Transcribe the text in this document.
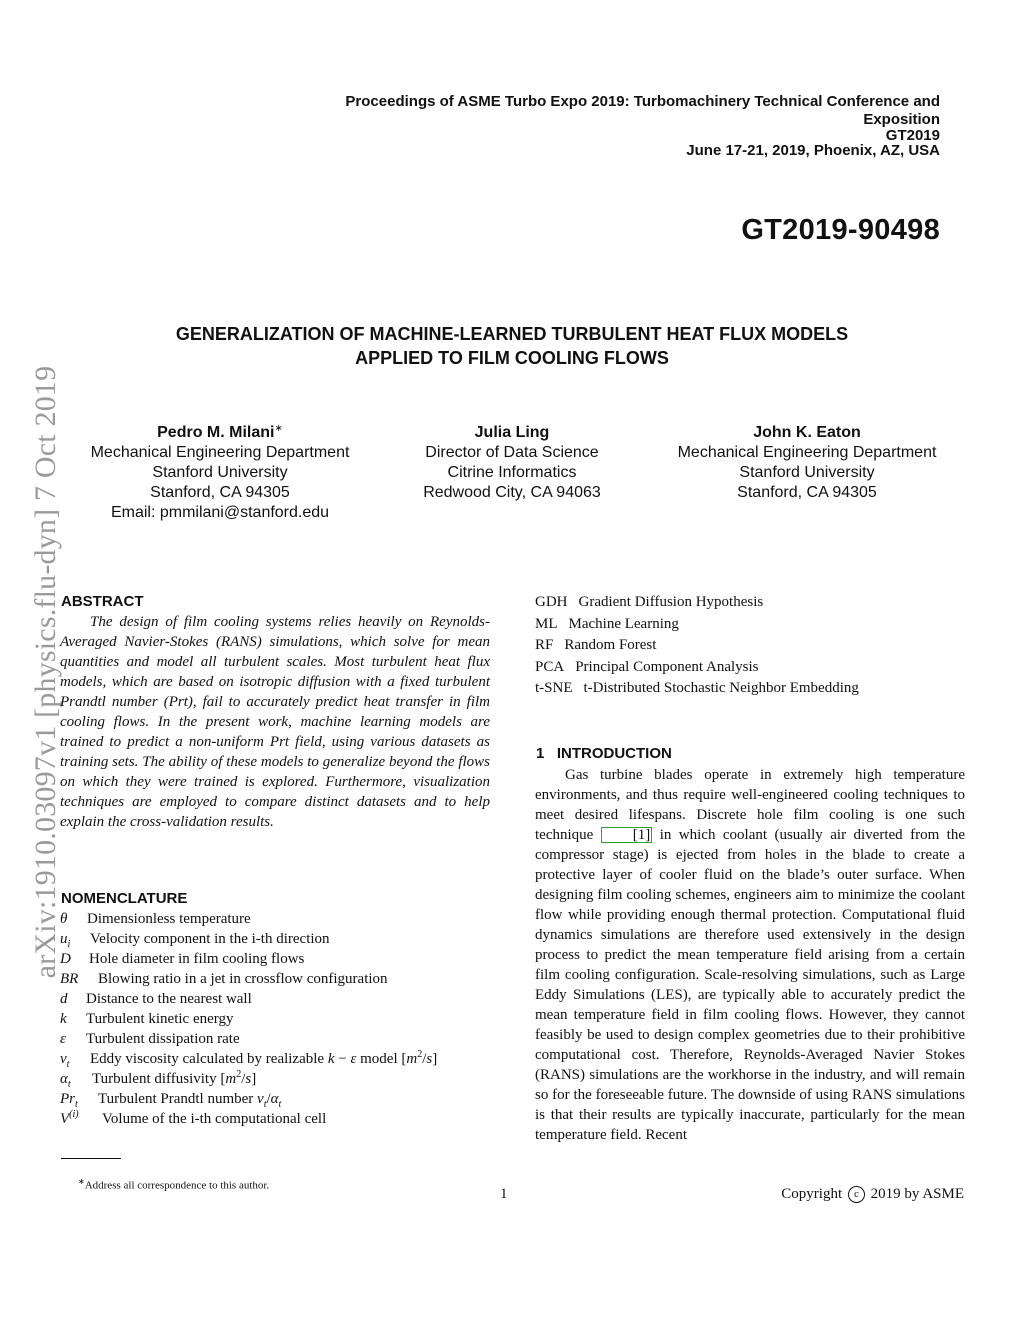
Proceedings of ASME Turbo Expo 2019: Turbomachinery Technical Conference and
Exposition
GT2019
June 17-21, 2019, Phoenix, AZ, USA
GT2019-90498
arXiv:1910.03097v1 [physics.flu-dyn] 7 Oct 2019
GENERALIZATION OF MACHINE-LEARNED TURBULENT HEAT FLUX MODELS
APPLIED TO FILM COOLING FLOWS
Pedro M. Milani∗
Mechanical Engineering Department
Stanford University
Stanford, CA 94305
Email: pmmilani@stanford.edu
Julia Ling
Director of Data Science
Citrine Informatics
Redwood City, CA 94063
John K. Eaton
Mechanical Engineering Department
Stanford University
Stanford, CA 94305
ABSTRACT
The design of film cooling systems relies heavily on Reynolds-Averaged Navier-Stokes (RANS) simulations, which solve for mean quantities and model all turbulent scales. Most turbulent heat flux models, which are based on isotropic diffusion with a fixed turbulent Prandtl number (Prt), fail to accurately predict heat transfer in film cooling flows. In the present work, machine learning models are trained to predict a non-uniform Prt field, using various datasets as training sets. The ability of these models to generalize beyond the flows on which they were trained is explored. Furthermore, visualization techniques are employed to compare distinct datasets and to help explain the cross-validation results.
NOMENCLATURE
θ Dimensionless temperature
$u_i$ Velocity component in the i-th direction
D Hole diameter in film cooling flows
BR Blowing ratio in a jet in crossflow configuration
d Distance to the nearest wall
k Turbulent kinetic energy
ε Turbulent dissipation rate
$\nu_t$ Eddy viscosity calculated by realizable k − ε model $[m^2/s]$
$\alpha_t$ Turbulent diffusivity $[m^2/s]$
$Pr_t$ Turbulent Prandtl number $\nu_t/\alpha_t$
$V^{(i)}$ Volume of the i-th computational cell
GDH Gradient Diffusion Hypothesis
ML Machine Learning
RF Random Forest
PCA Principal Component Analysis
t-SNE t-Distributed Stochastic Neighbor Embedding
1   INTRODUCTION
Gas turbine blades operate in extremely high temperature environments, and thus require well-engineered cooling techniques to meet desired lifespans. Discrete hole film cooling is one such technique	[1] in which coolant (usually air diverted from the compressor stage) is ejected from holes in the blade to create a protective layer of cooler fluid on the blade’s outer surface. When designing film cooling schemes, engineers aim to minimize the coolant flow while providing enough thermal protection. Computational fluid dynamics simulations are therefore used extensively in the design process to predict the mean temperature field arising from a certain film cooling configuration. Scale-resolving simulations, such as Large Eddy Simulations (LES), are typically able to accurately predict the mean temperature field in film cooling flows. However, they cannot feasibly be used to design complex geometries due to their prohibitive computational cost. Therefore, Reynolds-Averaged Navier Stokes (RANS) simulations are the workhorse in the industry, and will remain so for the foreseeable future. The downside of using RANS simulations is that their results are typically inaccurate, particularly for the mean temperature field. Recent
∗Address all correspondence to this author.
1	Copyright c 2019 by ASME
